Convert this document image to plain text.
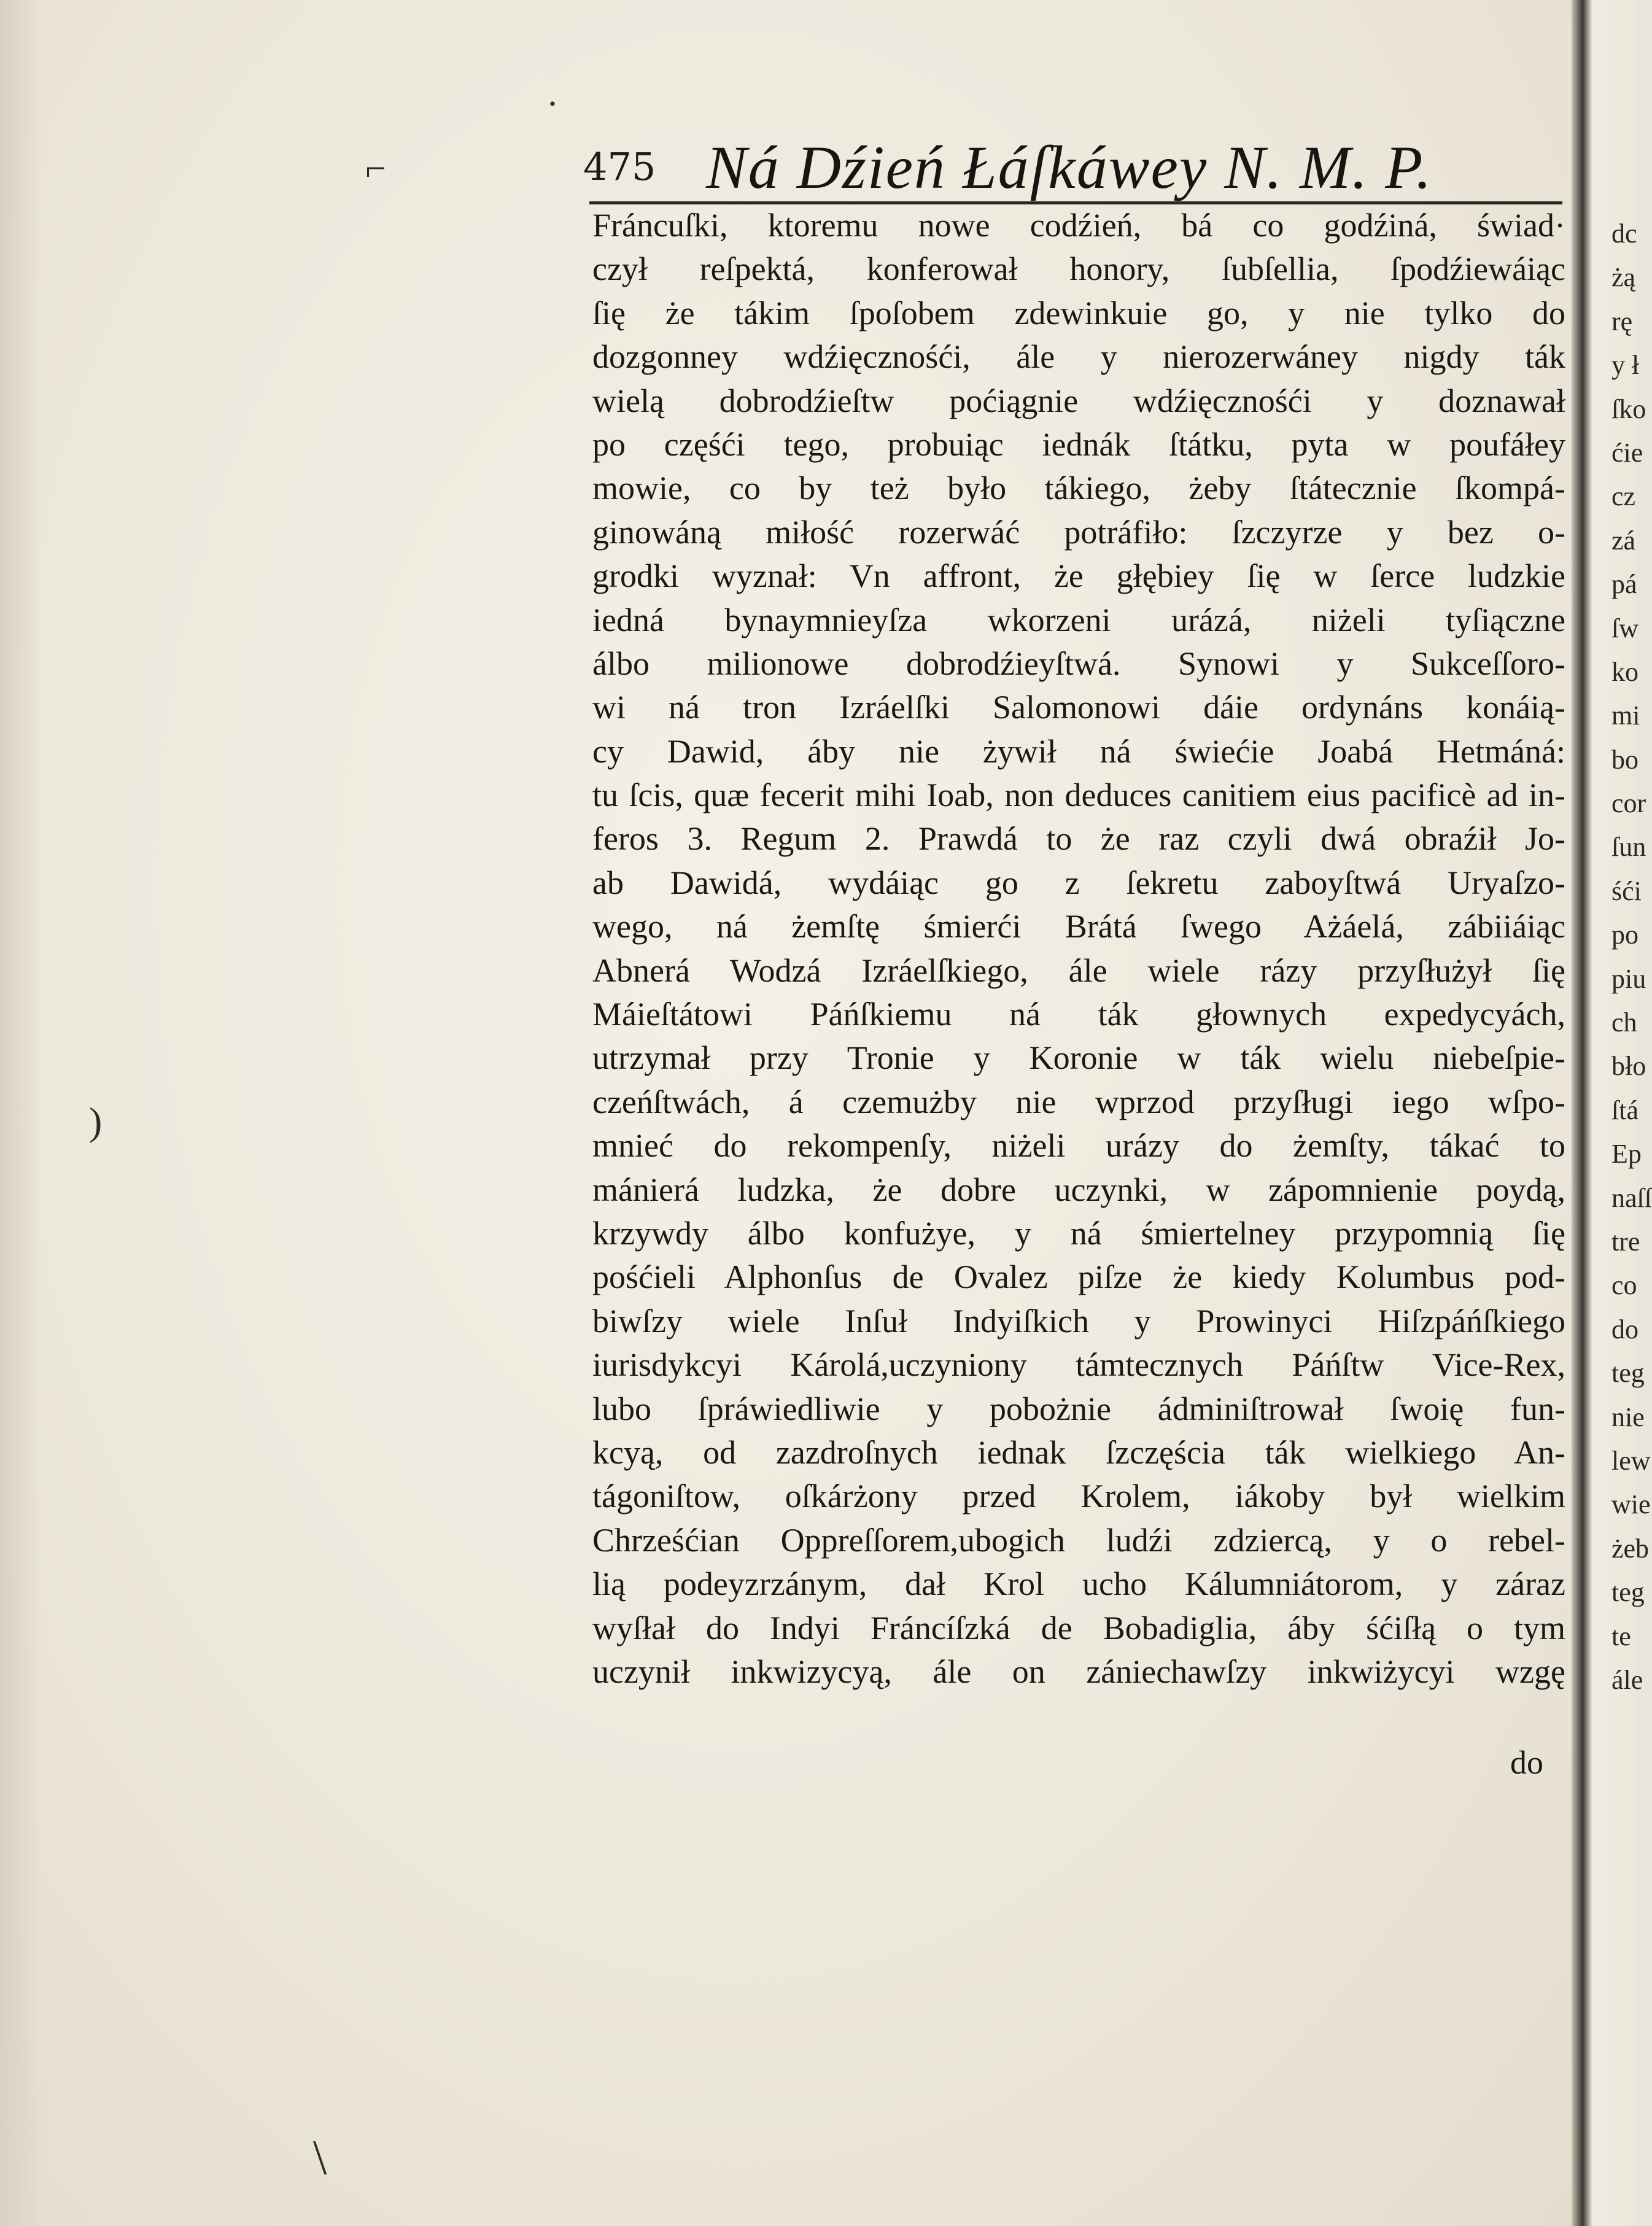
475 Ná Dźień Łáſkáwey N. M. P.
Fráncuſki, ktoremu nowe codźień, bá co godźiná, świad·
czył reſpektá, konferował honory, ſubſellia, ſpodźiewáiąc
ſię że tákim ſpoſobem zdewinkuie go, y nie tylko do
dozgonney wdźięcznośći, ále y nierozerwáney nigdy ták
wielą dobrodźieſtw poćiągnie wdźięcznośći y doznawał
po częśći tego, probuiąc iednák ſtátku, pyta w poufáłey
mowie, co by też było tákiego, żeby ſtátecznie ſkompá-
ginowáną miłość rozerwáć potráfiło: ſzczyrze y bez o-
grodki wyznał: Vn affront, że głębiey ſię w ſerce ludzkie
iedná bynaymnieyſza wkorzeni urázá, niżeli tyſiączne
álbo milionowe dobrodźieyſtwá. Synowi y Sukceſſoro-
wi ná tron Izráelſki Salomonowi dáie ordynáns konáią-
cy Dawid, áby nie żywił ná świećie Joabá Hetmáná:
tu ſcis, quæ fecerit mihi Ioab, non deduces canitiem eius pacificè ad in-
feros 3. Regum 2. Prawdá to że raz czyli dwá obraźił Jo-
ab Dawidá, wydáiąc go z ſekretu zaboyſtwá Uryaſzo-
wego, ná żemſtę śmierći Brátá ſwego Ażáelá, zábiiáiąc
Abnerá Wodzá Izráelſkiego, ále wiele rázy przyſłużył ſię
Máieſtátowi Páńſkiemu ná ták głownych expedycyách,
utrzymał przy Tronie y Koronie w ták wielu niebeſpie-
czeńſtwách, á czemużby nie wprzod przyſługi iego wſpo-
mnieć do rekompenſy, niżeli urázy do żemſty, tákać to
mánierá ludzka, że dobre uczynki, w zápomnienie poydą,
krzywdy álbo konfużye, y ná śmiertelney przypomnią ſię
pośćieli Alphonſus de Ovalez piſze że kiedy Kolumbus pod-
biwſzy wiele Inſuł Indyiſkich y Prowinyci Hiſzpáńſkiego
iurisdykcyi Károlá,uczyniony támtecznych Páńſtw Vice-Rex,
lubo ſpráwiedliwie y pobożnie ádminiſtrował ſwoię fun-
kcyą, od zazdroſnych iednak ſzczęścia ták wielkiego An-
tágoniſtow, oſkárżony przed Krolem, iákoby był wielkim
Chrześćian Oppreſſorem,ubogich ludźi zdziercą, y o rebel-
lią podeyzrzánym, dał Krol ucho Kálumniátorom, y záraz
wyſłał do Indyi Fráncíſzká de Bobadiglia, áby śćiſłą o tym
uczynił inkwizycyą, ále on zániechawſzy inkwiżycyi wzgę
do
dc
żą
rę
y ł
ſko
ćie
cz
zá
pá
ſw
ko
mi
bo
cor
ſun
śći
po
piu
ch
bło
ſtá
Ep
naſſ
tre
co
do
teg
nie
lew
wie
żeb
teg
te
ále
·
⌐
)
\
